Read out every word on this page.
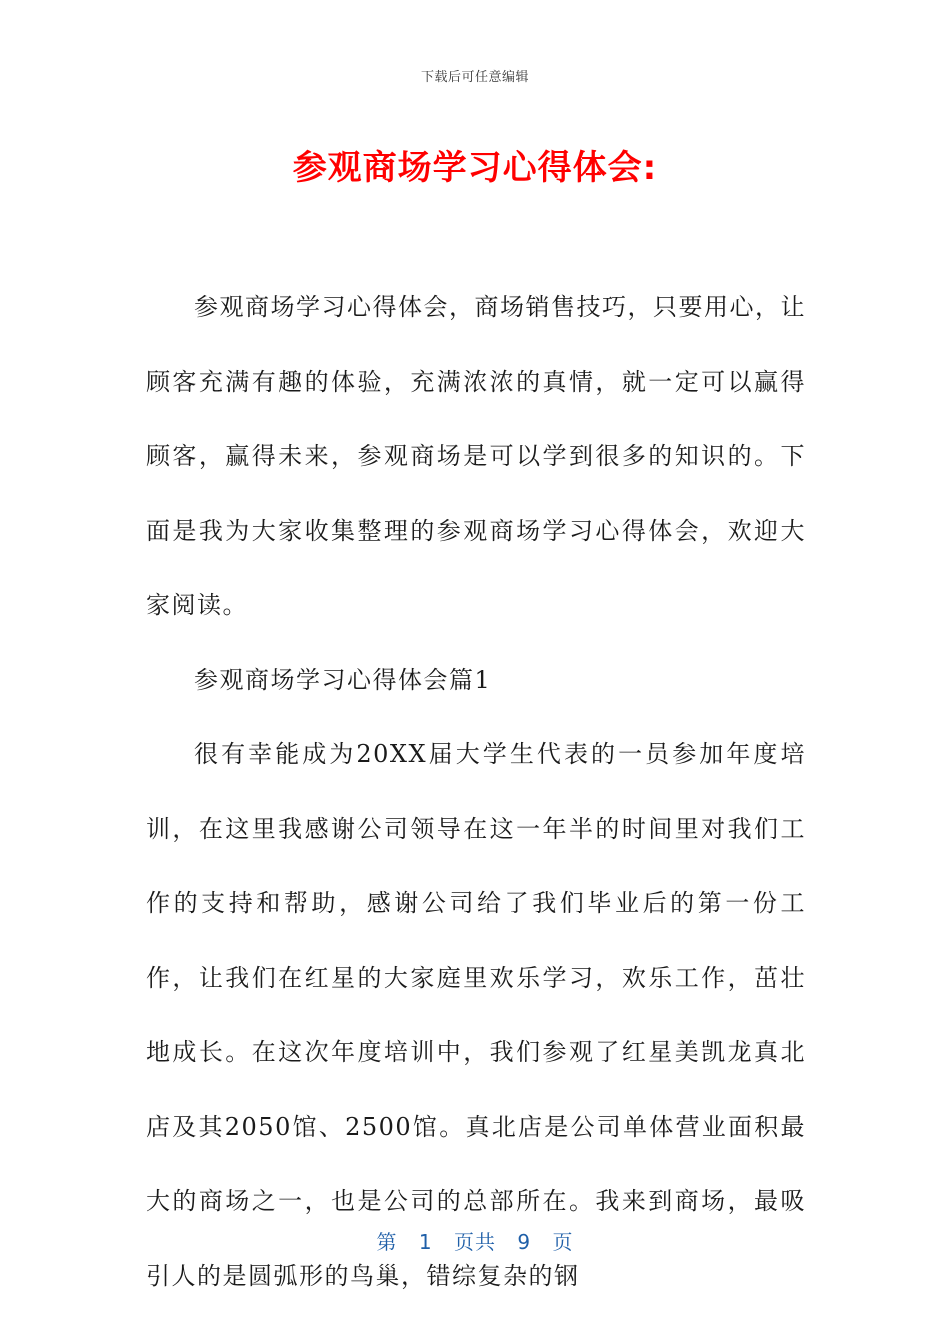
下载后可任意编辑
参观商场学习心得体会:

参观商场学习心得体会，商场销售技巧，只要用心，让顾客充满有趣的体验，充满浓浓的真情，就一定可以赢得顾客，赢得未来，参观商场是可以学到很多的知识的。下面是我为大家收集整理的参观商场学习心得体会，欢迎大家阅读。

参观商场学习心得体会篇1

很有幸能成为20XX届大学生代表的一员参加年度培训，在这里我感谢公司领导在这一年半的时间里对我们工作的支持和帮助，感谢公司给了我们毕业后的第一份工作，让我们在红星的大家庭里欢乐学习，欢乐工作，茁壮地成长。在这次年度培训中，我们参观了红星美凯龙真北店及其2050馆、2500馆。真北店是公司单体营业面积最大的商场之一，也是公司的总部所在。我来到商场，最吸引人的是圆弧形的鸟巢，错综复杂的钢

第 1 页共 9 页
